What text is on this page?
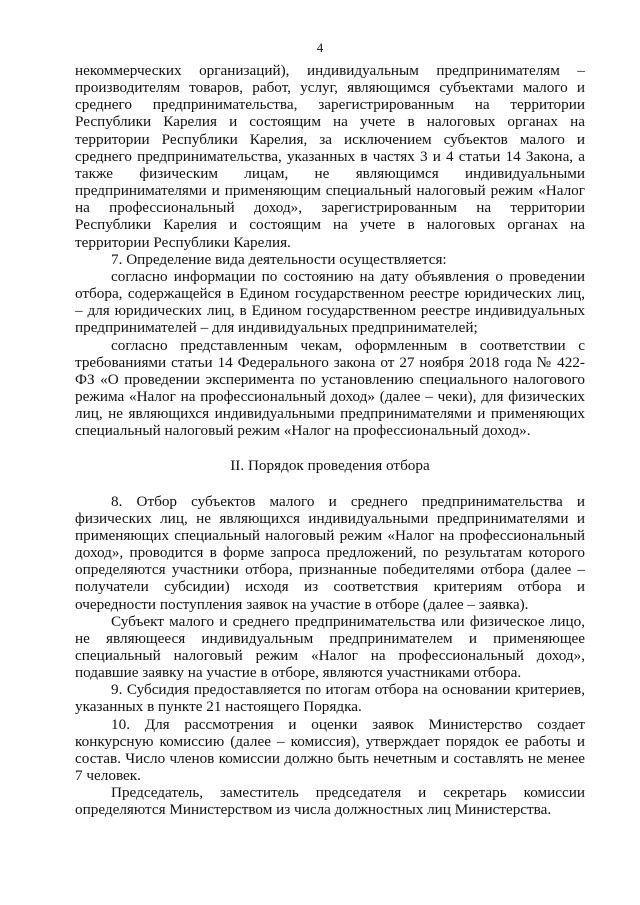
4

некоммерческих организаций), индивидуальным предпринимателям – производителям товаров, работ, услуг, являющимся субъектами малого и среднего предпринимательства, зарегистрированным на территории Республики Карелия и состоящим на учете в налоговых органах на территории Республики Карелия, за исключением субъектов малого и среднего предпринимательства, указанных в частях 3 и 4 статьи 14 Закона, а также физическим лицам, не являющимся индивидуальными предпринимателями и применяющим специальный налоговый режим «Налог на профессиональный доход», зарегистрированным на территории Республики Карелия и состоящим на учете в налоговых органах на территории Республики Карелия.

7. Определение вида деятельности осуществляется:

согласно информации по состоянию на дату объявления о проведении отбора, содержащейся в Едином государственном реестре юридических лиц, – для юридических лиц, в Едином государственном реестре индивидуальных предпринимателей – для индивидуальных предпринимателей;

согласно представленным чекам, оформленным в соответствии с требованиями статьи 14 Федерального закона от 27 ноября 2018 года № 422-ФЗ «О проведении эксперимента по установлению специального налогового режима «Налог на профессиональный доход» (далее – чеки), для физических лиц, не являющихся индивидуальными предпринимателями и применяющих специальный налоговый режим «Налог на профессиональный доход».

II. Порядок проведения отбора

8. Отбор субъектов малого и среднего предпринимательства и физических лиц, не являющихся индивидуальными предпринимателями и применяющих специальный налоговый режим «Налог на профессиональный доход», проводится в форме запроса предложений, по результатам которого определяются участники отбора, признанные победителями отбора (далее – получатели субсидии) исходя из соответствия критериям отбора и очередности поступления заявок на участие в отборе (далее – заявка).

Субъект малого и среднего предпринимательства или физическое лицо, не являющееся индивидуальным предпринимателем и применяющее специальный налоговый режим «Налог на профессиональный доход», подавшие заявку на участие в отборе, являются участниками отбора.

9. Субсидия предоставляется по итогам отбора на основании критериев, указанных в пункте 21 настоящего Порядка.

10. Для рассмотрения и оценки заявок Министерство создает конкурсную комиссию (далее – комиссия), утверждает порядок ее работы и состав. Число членов комиссии должно быть нечетным и составлять не менее 7 человек.

Председатель, заместитель председателя и секретарь комиссии определяются Министерством из числа должностных лиц Министерства.
